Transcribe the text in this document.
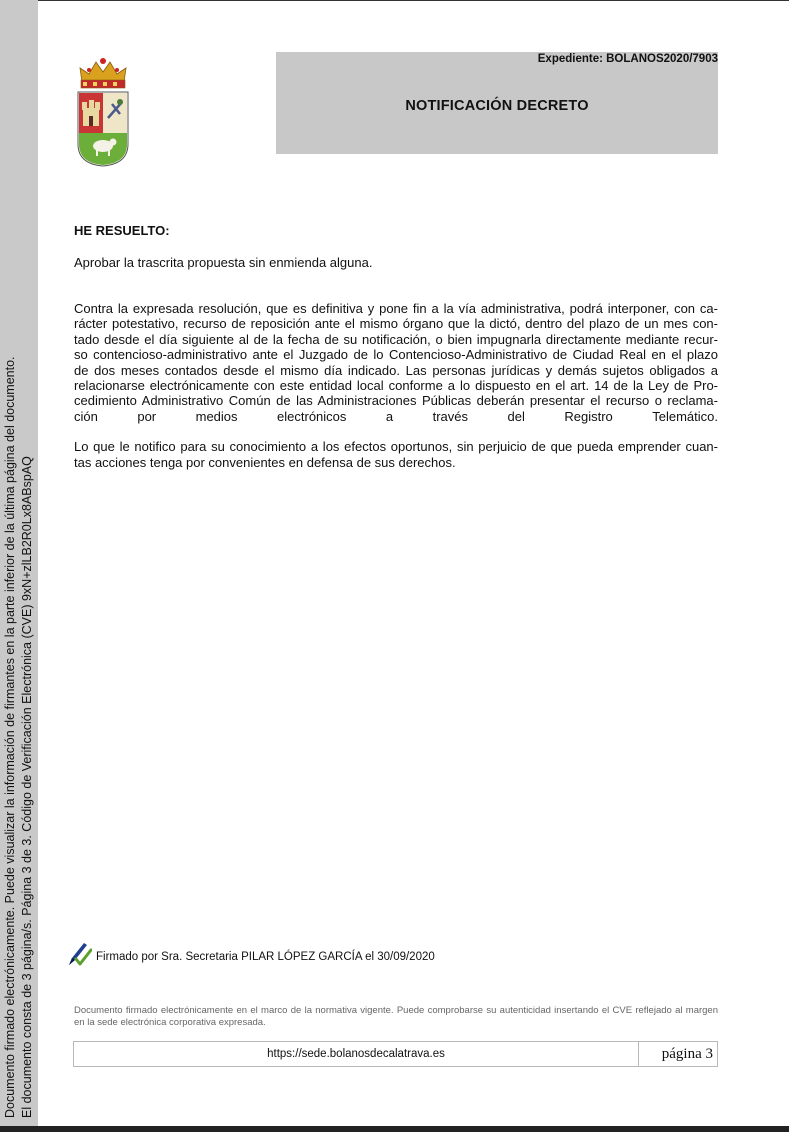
Documento firmado electrónicamente. Puede visualizar la información de firmantes en la parte inferior de la última página del documento. El documento consta de 3 página/s. Página 3 de 3. Código de Verificación Electrónica (CVE) 9xN+zlLB2R0Lx8ABspAQ
Expediente: BOLANOS2020/7903
NOTIFICACIÓN DECRETO
HE RESUELTO:
Aprobar la trascrita propuesta sin enmienda alguna.
Contra la expresada resolución, que es definitiva y pone fin a la vía administrativa, podrá interponer, con ca-
rácter potestativo, recurso de reposición ante el mismo órgano que la dictó, dentro del plazo de un mes con-
tado desde el día siguiente al de la fecha de su notificación, o bien impugnarla directamente mediante recur-
so contencioso-administrativo ante el Juzgado de lo Contencioso-Administrativo de Ciudad Real en el plazo
de dos meses contados desde el mismo día indicado. Las personas jurídicas y demás sujetos obligados a
relacionarse electrónicamente con este entidad local conforme a lo dispuesto en el art. 14 de la Ley de Pro-
cedimiento Administrativo Común de las Administraciones Públicas deberán presentar el recurso o reclama-
ción	por	medios	electrónicos	a	través	del	Registro	Telemático.
Lo que le notifico para su conocimiento a los efectos oportunos, sin perjuicio de que pueda emprender cuan-
tas acciones tenga por convenientes en defensa de sus derechos.
Firmado por Sra. Secretaria PILAR LÓPEZ GARCÍA el 30/09/2020
Documento firmado electrónicamente en el marco de la normativa vigente. Puede comprobarse su autenticidad insertando el CVE reflejado al margen en la sede electrónica corporativa expresada.
https://sede.bolanosdecalatrava.es	página 3
